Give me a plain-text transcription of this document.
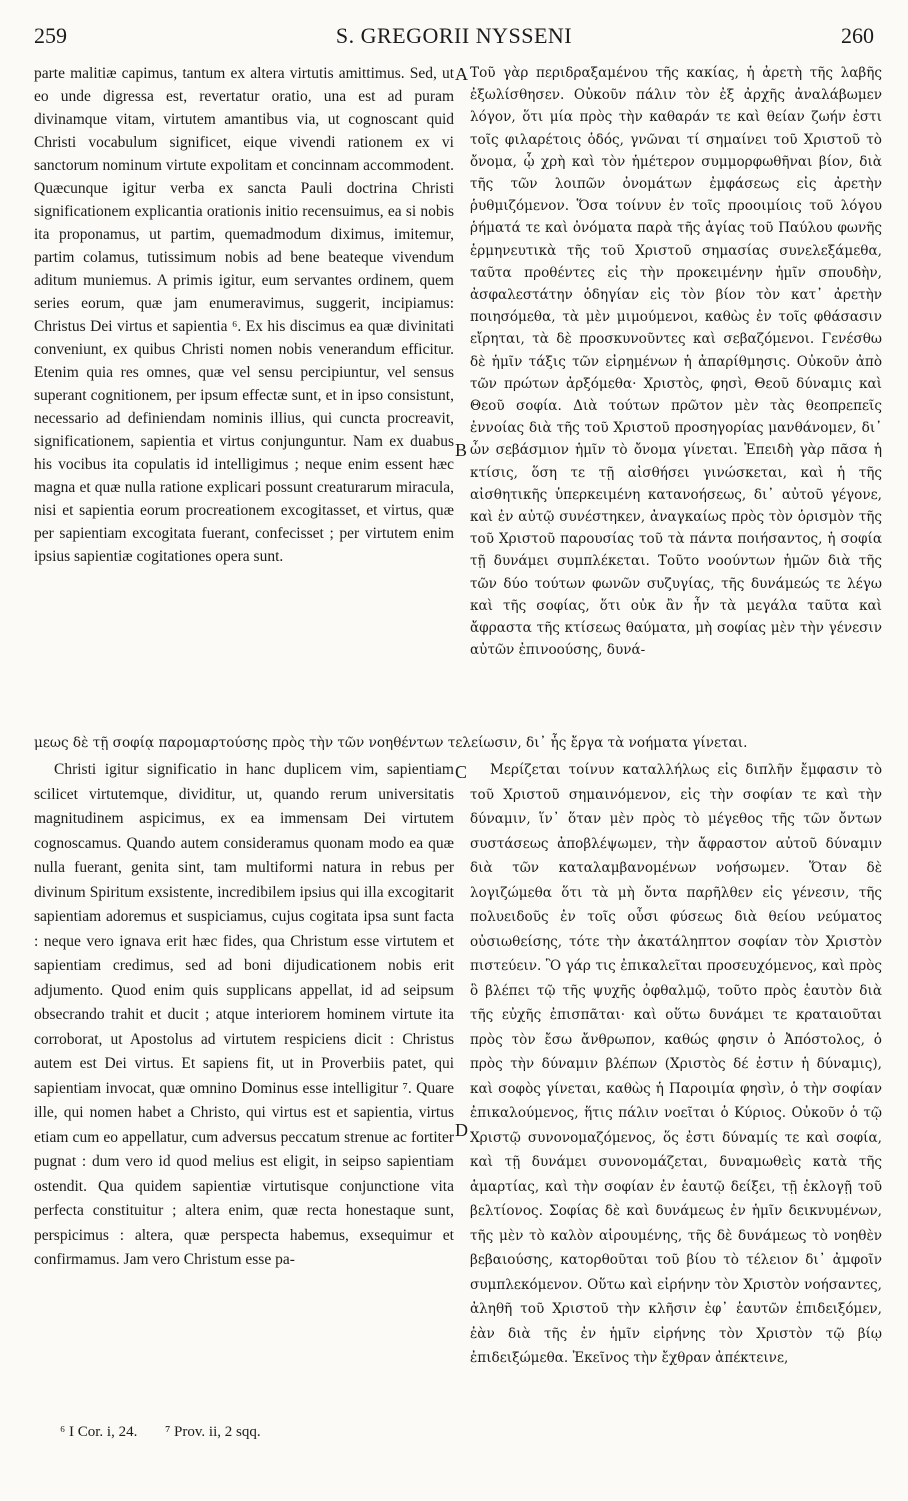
259	S. GREGORII NYSSENI	260

parte malitiæ capimus, tantum ex altera virtutis amittimus. Sed, ut eo unde digressa est, revertatur oratio, una est ad puram divinamque vitam, virtutem amantibus via, ut cognoscant quid Christi vocabulum significet, eique vivendi rationem ex vi sanctorum nominum virtute expolitam et concinnam accommodent. Quæcunque igitur verba ex sancta Pauli doctrina Christi significationem explicantia orationis initio recensuimus, ea si nobis ita proponamus, ut partim, quemadmodum diximus, imitemur, partim colamus, tutissimum nobis ad bene beateque vivendum aditum muniemus. A primis igitur, eum servantes ordinem, quem series eorum, quæ jam enumeravimus, suggerit, incipiamus: Christus Dei virtus et sapientia ⁶. Ex his discimus ea quæ divinitati conveniunt, ex quibus Christi nomen nobis venerandum efficitur. Etenim quia res omnes, quæ vel sensu percipiuntur, vel sensus superant cognitionem, per ipsum effectæ sunt, et in ipso consistunt, necessario ad definiendam nominis illius, qui cuncta procreavit, significationem, sapientia et virtus conjunguntur. Nam ex duabus his vocibus ita copulatis id intelligimus ; neque enim essent hæc magna et quæ nulla ratione explicari possunt creaturarum miracula, nisi et sapientia eorum procreationem excogitasset, et virtus, quæ per sapientiam excogitata fuerant, confecisset ; per virtutem enim ipsius sapientiæ cogitationes opera sunt.

Τοῦ γὰρ περιδραξαμένου τῆς κακίας, ἡ ἀρετὴ τῆς λαβῆς ἐξωλίσθησεν. Οὐκοῦν πάλιν τὸν ἐξ ἀρχῆς ἀναλάβωμεν λόγον, ὅτι μία πρὸς τὴν καθαράν τε καὶ θείαν ζωήν ἐστι τοῖς φιλαρέτοις ὁδός, γνῶναι τί σημαίνει τοῦ Χριστοῦ τὸ ὄνομα, ᾧ χρὴ καὶ τὸν ἡμέτερον συμμορφωθῆναι βίον, διὰ τῆς τῶν λοιπῶν ὀνομάτων ἐμφάσεως εἰς ἀρετὴν ῥυθμιζόμενον. Ὅσα τοίνυν ἐν τοῖς προοιμίοις τοῦ λόγου ῥήματά τε καὶ ὀνόματα παρὰ τῆς ἁγίας τοῦ Παύλου φωνῆς ἑρμηνευτικὰ τῆς τοῦ Χριστοῦ σημασίας συνελεξάμεθα, ταῦτα προθέντες εἰς τὴν προκειμένην ἡμῖν σπουδὴν, ἀσφαλεστάτην ὁδηγίαν εἰς τὸν βίον τὸν κατ᾽ ἀρετὴν ποιησόμεθα, τὰ μὲν μιμούμενοι, καθὼς ἐν τοῖς φθάσασιν εἴρηται, τὰ δὲ προσκυνοῦντες καὶ σεβαζόμενοι. Γενέσθω δὲ ἡμῖν τάξις τῶν εἰρημένων ἡ ἀπαρίθμησις. Οὐκοῦν ἀπὸ τῶν πρώτων ἀρξόμεθα· Χριστὸς, φησὶ, Θεοῦ δύναμις καὶ Θεοῦ σοφία. Διὰ τούτων πρῶτον μὲν τὰς θεοπρεπεῖς ἐννοίας διὰ τῆς τοῦ Χριστοῦ προσηγορίας μανθάνομεν, δι᾽ ὧν σεβάσμιον ἡμῖν τὸ ὄνομα γίνεται. Ἐπειδὴ γὰρ πᾶσα ἡ κτίσις, ὅση τε τῇ αἰσθήσει γινώσκεται, καὶ ἡ τῆς αἰσθητικῆς ὑπερκειμένη κατανοήσεως, δι᾽ αὐτοῦ γέγονε, καὶ ἐν αὐτῷ συνέστηκεν, ἀναγκαίως πρὸς τὸν ὁρισμὸν τῆς τοῦ Χριστοῦ παρουσίας τοῦ τὰ πάντα ποιήσαντος, ἡ σοφία τῇ δυνάμει συμπλέκεται. Τοῦτο νοούντων ἡμῶν διὰ τῆς τῶν δύο τούτων φωνῶν συζυγίας, τῆς δυνάμεώς τε λέγω καὶ τῆς σοφίας, ὅτι οὐκ ἂν ἦν τὰ μεγάλα ταῦτα καὶ ἄφραστα τῆς κτίσεως θαύματα, μὴ σοφίας μὲν τὴν γένεσιν αὐτῶν ἐπινοούσης, δυνά-

μεως δὲ τῇ σοφίᾳ παρομαρτούσης πρὸς τὴν τῶν νοηθέντων τελείωσιν, δι᾽ ἧς ἔργα τὰ νοήματα γίνεται.

Christi igitur significatio in hanc duplicem vim, sapientiam scilicet virtutemque, dividitur, ut, quando rerum universitatis magnitudinem aspicimus, ex ea immensam Dei virtutem cognoscamus. Quando autem consideramus quonam modo ea quæ nulla fuerant, genita sint, tam multiformi natura in rebus per divinum Spiritum exsistente, incredibilem ipsius qui illa excogitarit sapientiam adoremus et suspiciamus, cujus cogitata ipsa sunt facta : neque vero ignava erit hæc fides, qua Christum esse virtutem et sapientiam credimus, sed ad boni dijudicationem nobis erit adjumento. Quod enim quis supplicans appellat, id ad seipsum obsecrando trahit et ducit ; atque interiorem hominem virtute ita corroborat, ut Apostolus ad virtutem respiciens dicit : Christus autem est Dei virtus. Et sapiens fit, ut in Proverbiis patet, qui sapientiam invocat, quæ omnino Dominus esse intelligitur ⁷. Quare ille, qui nomen habet a Christo, qui virtus est et sapientia, virtus etiam cum eo appellatur, cum adversus peccatum strenue ac fortiter pugnat : dum vero id quod melius est eligit, in seipso sapientiam ostendit. Qua quidem sapientiæ virtutisque conjunctione vita perfecta constituitur ; altera enim, quæ recta honestaque sunt, perspicimus : altera, quæ perspecta habemus, exsequimur et confirmamus. Jam vero Christum esse pa-

Μερίζεται τοίνυν καταλλήλως εἰς διπλῆν ἔμφασιν τὸ τοῦ Χριστοῦ σημαινόμενον, εἰς τὴν σοφίαν τε καὶ τὴν δύναμιν, ἵν᾽ ὅταν μὲν πρὸς τὸ μέγεθος τῆς τῶν ὄντων συστάσεως ἀποβλέψωμεν, τὴν ἄφραστον αὐτοῦ δύναμιν διὰ τῶν καταλαμβανομένων νοήσωμεν. Ὅταν δὲ λογιζώμεθα ὅτι τὰ μὴ ὄντα παρῆλθεν εἰς γένεσιν, τῆς πολυειδοῦς ἐν τοῖς οὖσι φύσεως διὰ θείου νεύματος οὐσιωθείσης, τότε τὴν ἀκατάληπτον σοφίαν τὸν Χριστὸν πιστεύειν. Ὃ γάρ τις ἐπικαλεῖται προσευχόμενος, καὶ πρὸς ὃ βλέπει τῷ τῆς ψυχῆς ὀφθαλμῷ, τοῦτο πρὸς ἑαυτὸν διὰ τῆς εὐχῆς ἐπισπᾶται· καὶ οὕτω δυνάμει τε κραταιοῦται πρὸς τὸν ἔσω ἄνθρωπον, καθώς φησιν ὁ Ἀπόστολος, ὁ πρὸς τὴν δύναμιν βλέπων (Χριστὸς δέ ἐστιν ἡ δύναμις), καὶ σοφὸς γίνεται, καθὼς ἡ Παροιμία φησὶν, ὁ τὴν σοφίαν ἐπικαλούμενος, ἥτις πάλιν νοεῖται ὁ Κύριος. Οὐκοῦν ὁ τῷ Χριστῷ συνονομαζόμενος, ὅς ἐστι δύναμίς τε καὶ σοφία, καὶ τῇ δυνάμει συνονομάζεται, δυναμωθεὶς κατὰ τῆς ἁμαρτίας, καὶ τὴν σοφίαν ἐν ἑαυτῷ δείξει, τῇ ἐκλογῇ τοῦ βελτίονος. Σοφίας δὲ καὶ δυνάμεως ἐν ἡμῖν δεικνυμένων, τῆς μὲν τὸ καλὸν αἱρουμένης, τῆς δὲ δυνάμεως τὸ νοηθὲν βεβαιούσης, κατορθοῦται τοῦ βίου τὸ τέλειον δι᾽ ἀμφοῖν συμπλεκόμενον. Οὕτω καὶ εἰρήνην τὸν Χριστὸν νοήσαντες, ἀληθῆ τοῦ Χριστοῦ τὴν κλῆσιν ἐφ᾽ ἑαυτῶν ἐπιδειξόμεν, ἐὰν διὰ τῆς ἐν ἡμῖν εἰρήνης τὸν Χριστὸν τῷ βίῳ ἐπιδειξώμεθα. Ἐκεῖνος τὴν ἔχθραν ἀπέκτεινε,

A
B
C
D
⁶ I Cor. i, 24. ⁷ Prov. ii, 2 sqq.
